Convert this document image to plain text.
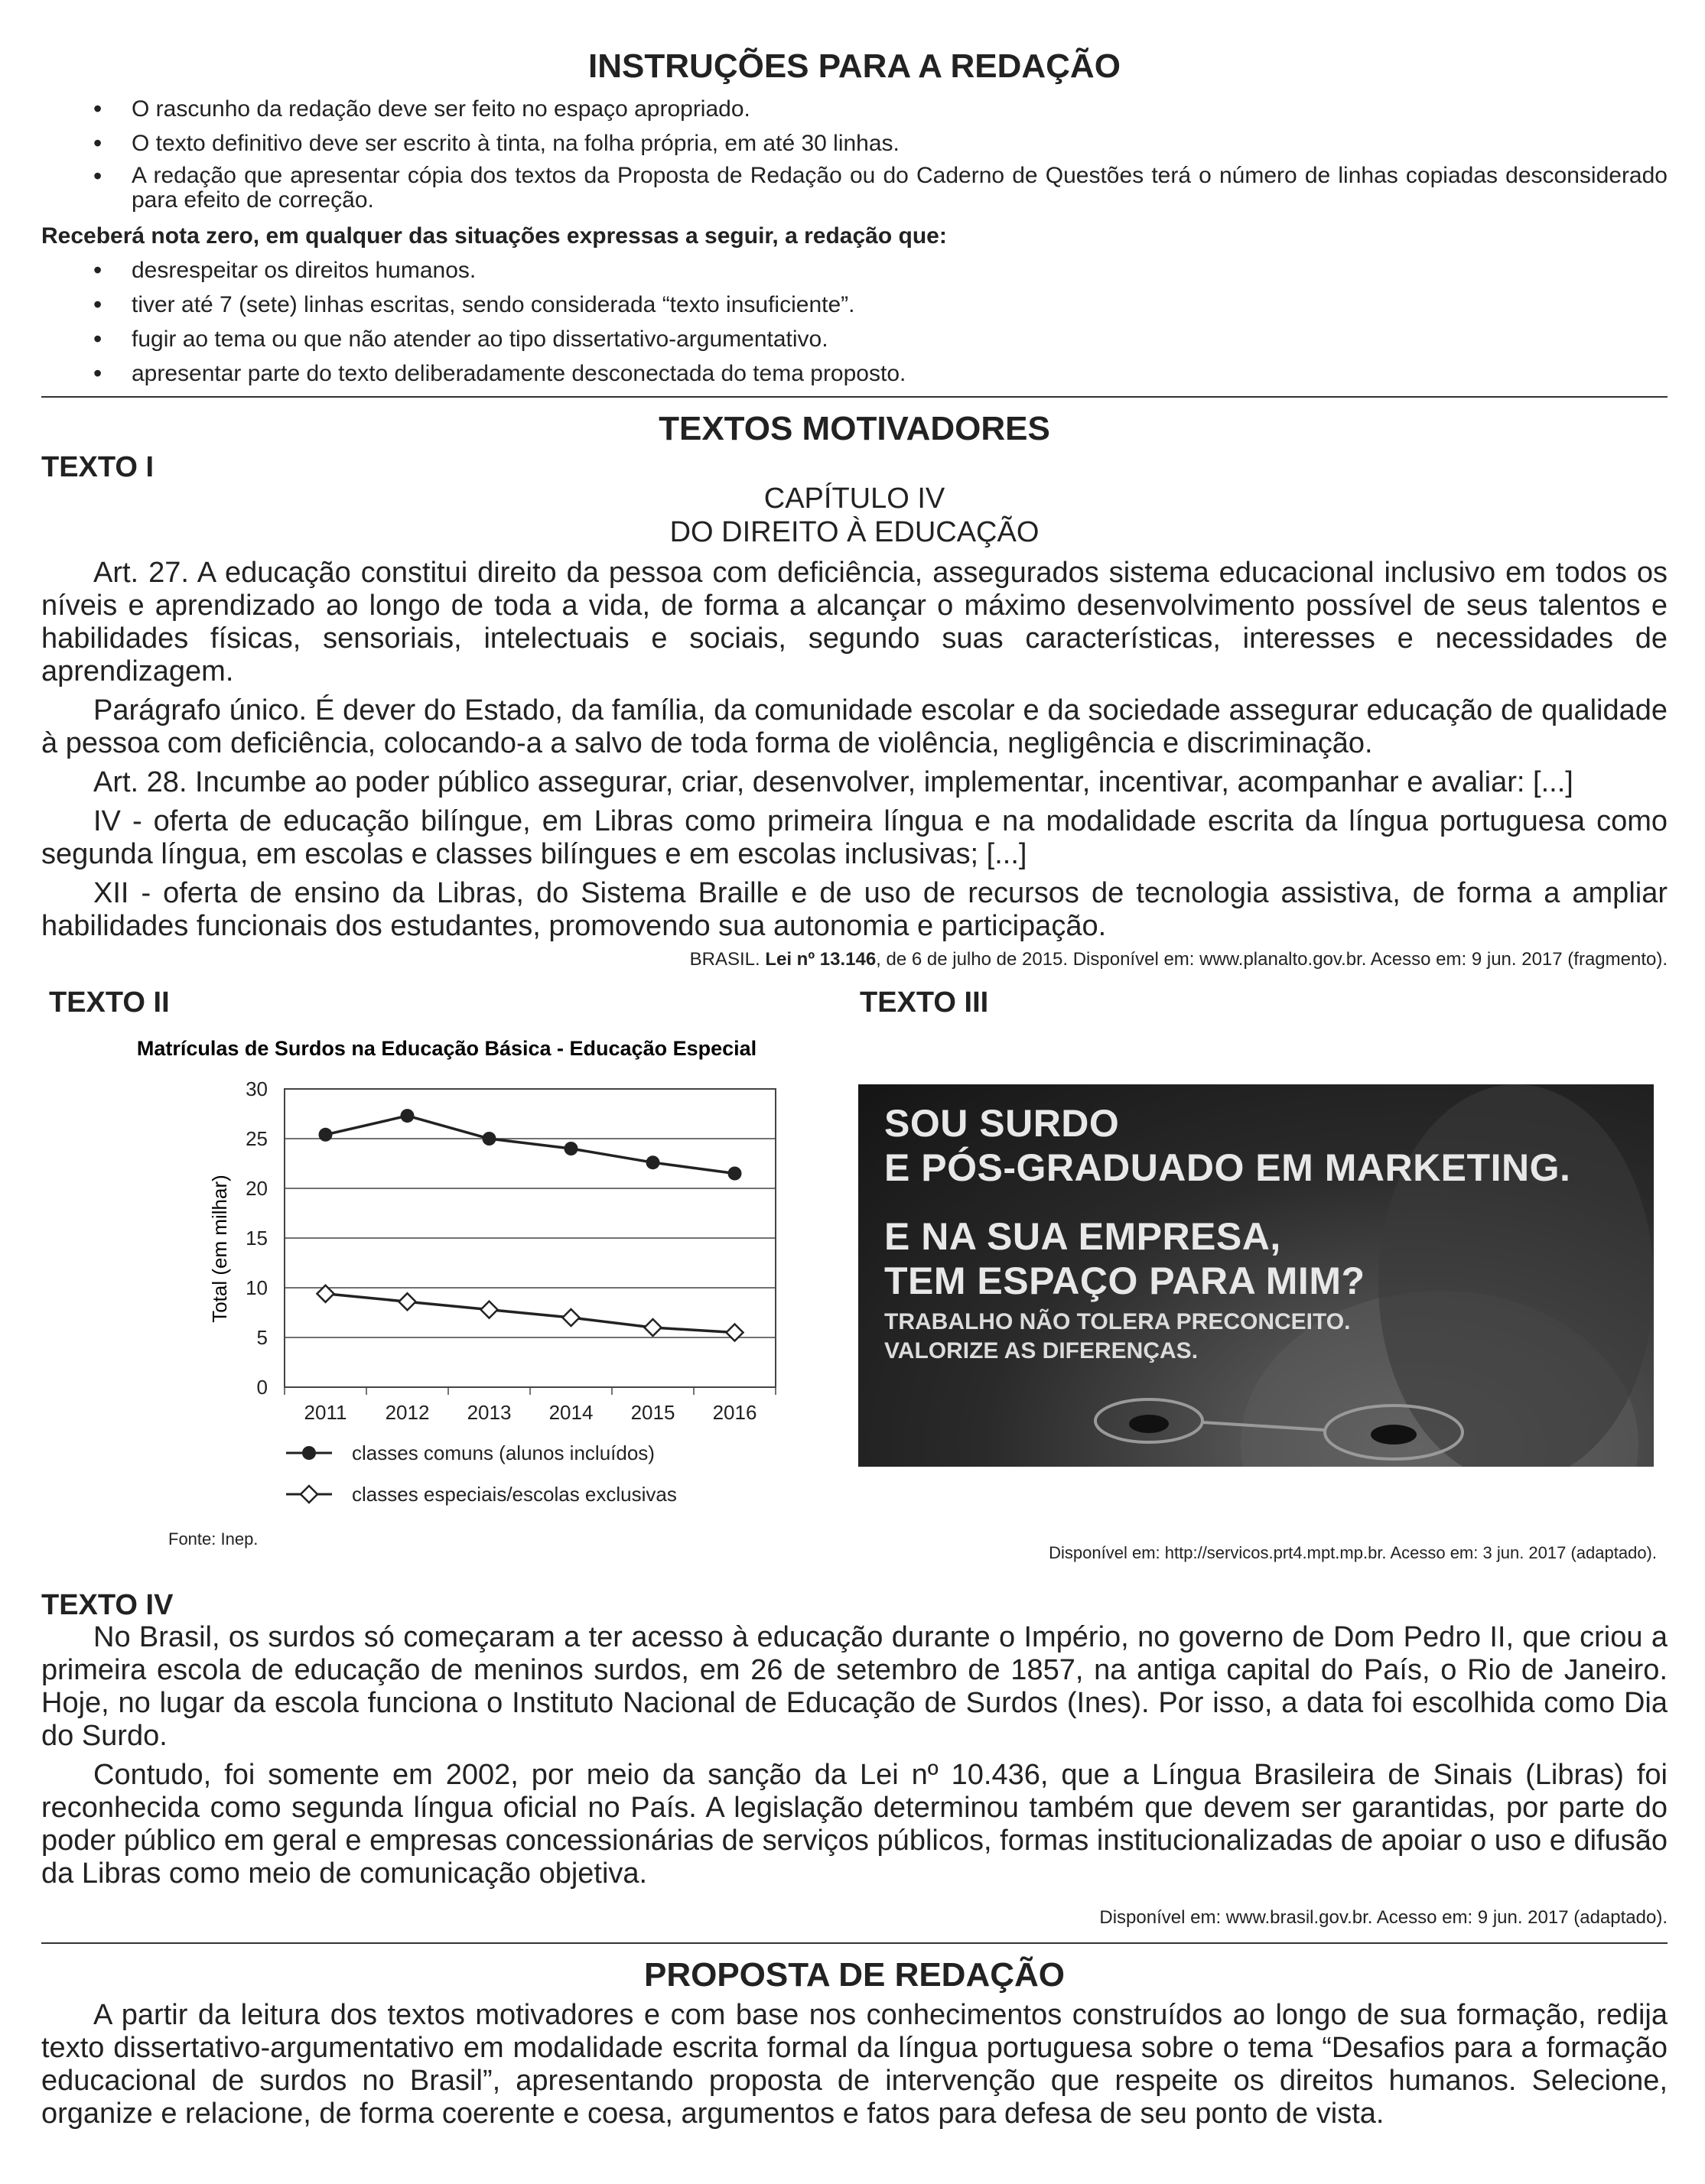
INSTRUÇÕES PARA A REDAÇÃO
• O rascunho da redação deve ser feito no espaço apropriado.
• O texto definitivo deve ser escrito à tinta, na folha própria, em até 30 linhas.
• A redação que apresentar cópia dos textos da Proposta de Redação ou do Caderno de Questões terá o número de linhas copiadas desconsiderado para efeito de correção.
Receberá nota zero, em qualquer das situações expressas a seguir, a redação que:
• desrespeitar os direitos humanos.
• tiver até 7 (sete) linhas escritas, sendo considerada “texto insuficiente”.
• fugir ao tema ou que não atender ao tipo dissertativo-argumentativo.
• apresentar parte do texto deliberadamente desconectada do tema proposto.
TEXTOS MOTIVADORES
TEXTO I
CAPÍTULO IV
DO DIREITO À EDUCAÇÃO

Art. 27. A educação constitui direito da pessoa com deficiência, assegurados sistema educacional inclusivo em todos os níveis e aprendizado ao longo de toda a vida, de forma a alcançar o máximo desenvolvimento possível de seus talentos e habilidades físicas, sensoriais, intelectuais e sociais, segundo suas características, interesses e necessidades de aprendizagem.

Parágrafo único. É dever do Estado, da família, da comunidade escolar e da sociedade assegurar educação de qualidade à pessoa com deficiência, colocando-a a salvo de toda forma de violência, negligência e discriminação.

Art. 28. Incumbe ao poder público assegurar, criar, desenvolver, implementar, incentivar, acompanhar e avaliar: [...]

IV - oferta de educação bilíngue, em Libras como primeira língua e na modalidade escrita da língua portuguesa como segunda língua, em escolas e classes bilíngues e em escolas inclusivas; [...]

XII - oferta de ensino da Libras, do Sistema Braille e de uso de recursos de tecnologia assistiva, de forma a ampliar habilidades funcionais dos estudantes, promovendo sua autonomia e participação.

BRASIL. Lei nº 13.146, de 6 de julho de 2015. Disponível em: www.planalto.gov.br. Acesso em: 9 jun. 2017 (fragmento).
TEXTO II
Matrículas de Surdos na Educação Básica - Educação Especial
Total (em milhar)
0
5
10
15
20
25
30
2011 2012 2013 2014 2015 2016
classes comuns (alunos incluídos)
classes especiais/escolas exclusivas
Fonte: Inep.
TEXTO III
SOU SURDO
E PÓS-GRADUADO EM MARKETING.
E NA SUA EMPRESA,
TEM ESPAÇO PARA MIM?
TRABALHO NÃO TOLERA PRECONCEITO.
VALORIZE AS DIFERENÇAS.
Disponível em: http://servicos.prt4.mpt.mp.br. Acesso em: 3 jun. 2017 (adaptado).
TEXTO IV

No Brasil, os surdos só começaram a ter acesso à educação durante o Império, no governo de Dom Pedro II, que criou a primeira escola de educação de meninos surdos, em 26 de setembro de 1857, na antiga capital do País, o Rio de Janeiro. Hoje, no lugar da escola funciona o Instituto Nacional de Educação de Surdos (Ines). Por isso, a data foi escolhida como Dia do Surdo.

Contudo, foi somente em 2002, por meio da sanção da Lei nº 10.436, que a Língua Brasileira de Sinais (Libras) foi reconhecida como segunda língua oficial no País. A legislação determinou também que devem ser garantidas, por parte do poder público em geral e empresas concessionárias de serviços públicos, formas institucionalizadas de apoiar o uso e difusão da Libras como meio de comunicação objetiva.

Disponível em: www.brasil.gov.br. Acesso em: 9 jun. 2017 (adaptado).
PROPOSTA DE REDAÇÃO

A partir da leitura dos textos motivadores e com base nos conhecimentos construídos ao longo de sua formação, redija texto dissertativo-argumentativo em modalidade escrita formal da língua portuguesa sobre o tema “Desafios para a formação educacional de surdos no Brasil”, apresentando proposta de intervenção que respeite os direitos humanos. Selecione, organize e relacione, de forma coerente e coesa, argumentos e fatos para defesa de seu ponto de vista.
